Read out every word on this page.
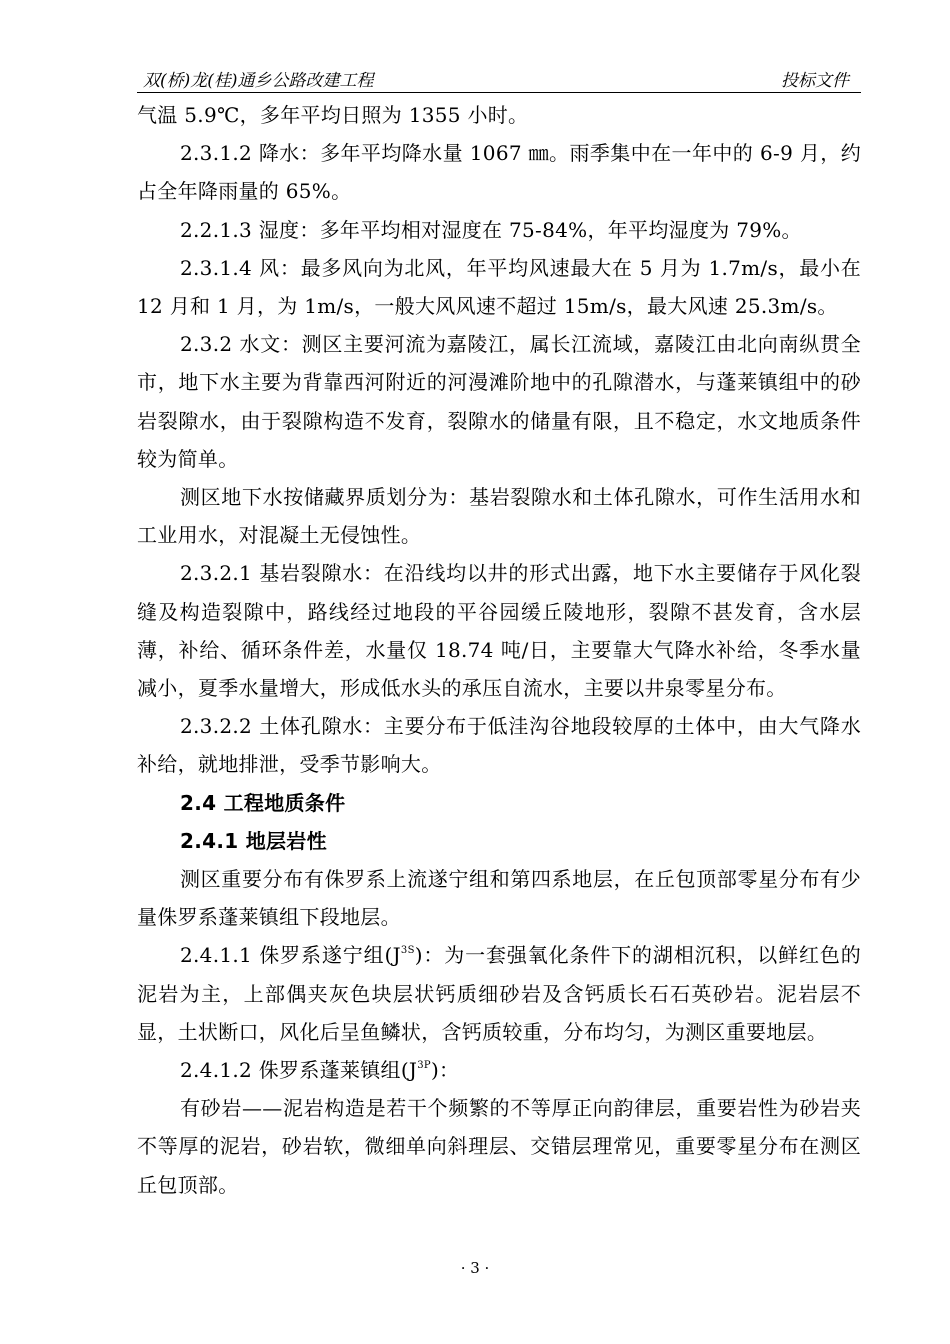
双(桥)龙(桂)通乡公路改建工程	投标文件

气温 5.9℃，多年平均日照为 1355 小时。

2.3.1.2 降水：多年平均降水量 1067 ㎜。雨季集中在一年中的 6-9 月，约占全年降雨量的 65%。

2.2.1.3 湿度：多年平均相对湿度在 75-84%，年平均湿度为 79%。

2.3.1.4 风：最多风向为北风，年平均风速最大在 5 月为 1.7m/s，最小在 12 月和 1 月，为 1m/s，一般大风风速不超过 15m/s，最大风速 25.3m/s。

2.3.2 水文：测区主要河流为嘉陵江，属长江流域，嘉陵江由北向南纵贯全市，地下水主要为背靠西河附近的河漫滩阶地中的孔隙潜水，与蓬莱镇组中的砂岩裂隙水，由于裂隙构造不发育，裂隙水的储量有限，且不稳定，水文地质条件较为简单。

测区地下水按储藏界质划分为：基岩裂隙水和土体孔隙水，可作生活用水和工业用水，对混凝土无侵蚀性。

2.3.2.1 基岩裂隙水：在沿线均以井的形式出露，地下水主要储存于风化裂缝及构造裂隙中，路线经过地段的平谷园缓丘陵地形，裂隙不甚发育，含水层薄，补给、循环条件差，水量仅 18.74 吨/日，主要靠大气降水补给，冬季水量减小，夏季水量增大，形成低水头的承压自流水，主要以井泉零星分布。

2.3.2.2 土体孔隙水：主要分布于低洼沟谷地段较厚的土体中，由大气降水补给，就地排泄，受季节影响大。

2.4 工程地质条件

2.4.1 地层岩性

测区重要分布有侏罗系上流遂宁组和第四系地层，在丘包顶部零星分布有少量侏罗系蓬莱镇组下段地层。

2.4.1.1 侏罗系遂宁组$(J^{3S})$：为一套强氧化条件下的湖相沉积，以鲜红色的泥岩为主，上部偶夹灰色块层状钙质细砂岩及含钙质长石石英砂岩。泥岩层不显，土状断口，风化后呈鱼鳞状，含钙质较重，分布均匀，为测区重要地层。

2.4.1.2 侏罗系蓬莱镇组$(J^{3P})$：

有砂岩——泥岩构造是若干个频繁的不等厚正向韵律层，重要岩性为砂岩夹不等厚的泥岩，砂岩软，微细单向斜理层、交错层理常见，重要零星分布在测区丘包顶部。

· 3 ·
